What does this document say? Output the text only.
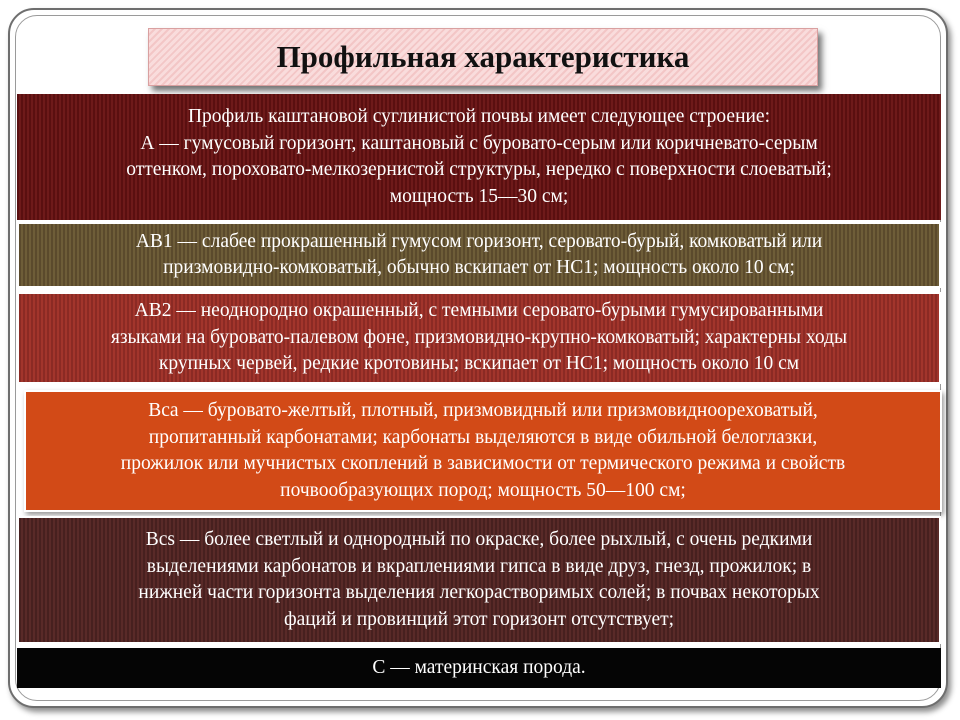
Профильная характеристика
Профиль каштановой суглинистой почвы имеет следующее строение:
А — гумусовый горизонт, каштановый с буровато-серым или коричневато-серым
оттенком, пороховато-мелкозернистой структуры, нередко с поверхности слоеватый;
мощность 15—30 см;
AB1 — слабее прокрашенный гумусом горизонт, серовато-бурый, комковатый или
призмовидно-комковатый, обычно вскипает от НС1; мощность около 10 см;
AB2 — неоднородно окрашенный, с темными серовато-бурыми гумусированными
языками на буровато-палевом фоне, призмовидно-крупно-комковатый; характерны ходы
крупных червей, редкие кротовины; вскипает от НС1; мощность около 10 см
Bca — буровато-желтый, плотный, призмовидный или призмовидноореховатый,
пропитанный карбонатами; карбонаты выделяются в виде обильной белоглазки,
прожилок или мучнистых скоплений в зависимости от термического режима и свойств
почвообразующих пород; мощность 50—100 см;
Bcs — более светлый и однородный по окраске, более рыхлый, с очень редкими
выделениями карбонатов и вкраплениями гипса в виде друз, гнезд, прожилок; в
нижней части горизонта выделения легкорастворимых солей; в почвах некоторых
фаций и провинций этот горизонт отсутствует;
С — материнская порода.
